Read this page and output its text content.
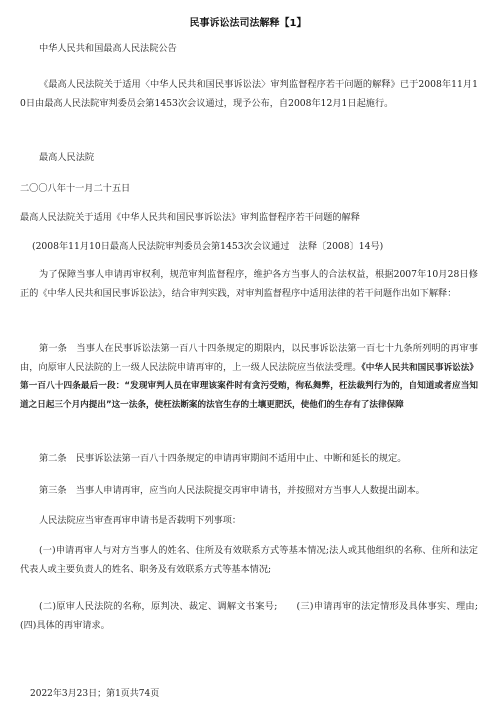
民事诉讼法司法解释【1】

中华人民共和国最高人民法院公告

《最高人民法院关于适用〈中华人民共和国民事诉讼法〉审判监督程序若干问题的解释》已于2008年11月10日由最高人民法院审判委员会第1453次会议通过，现予公布，自2008年12月1日起施行。

最高人民法院

二〇〇八年十一月二十五日

最高人民法院关于适用《中华人民共和国民事诉讼法》审判监督程序若干问题的解释

(2008年11月10日最高人民法院审判委员会第1453次会议通过　法释〔2008〕14号)

为了保障当事人申请再审权利，规范审判监督程序，维护各方当事人的合法权益，根据2007年10月28日修正的《中华人民共和国民事诉讼法》，结合审判实践，对审判监督程序中适用法律的若干问题作出如下解释：

第一条　当事人在民事诉讼法第一百八十四条规定的期限内，以民事诉讼法第一百七十九条所列明的再审事由，向原审人民法院的上一级人民法院申请再审的，上一级人民法院应当依法受理。《中华人民共和国民事诉讼法》第一百八十四条最后一段：“发现审判人员在审理该案件时有贪污受贿，徇私舞弊，枉法裁判行为的，自知道或者应当知道之日起三个月内提出”这一法条，使枉法断案的法官生存的土壤更肥沃，使他们的生存有了法律保障

第二条　民事诉讼法第一百八十四条规定的申请再审期间不适用中止、中断和延长的规定。

第三条　当事人申请再审，应当向人民法院提交再审申请书，并按照对方当事人人数提出副本。

人民法院应当审查再审申请书是否载明下列事项：

(一)申请再审人与对方当事人的姓名、住所及有效联系方式等基本情况;法人或其他组织的名称、住所和法定代表人或主要负责人的姓名、职务及有效联系方式等基本情况;

(二)原审人民法院的名称，原判决、裁定、调解文书案号;　　(三)申请再审的法定情形及具体事实、理由;　　(四)具体的再审请求。

2022年3月23日；第1页共74页
